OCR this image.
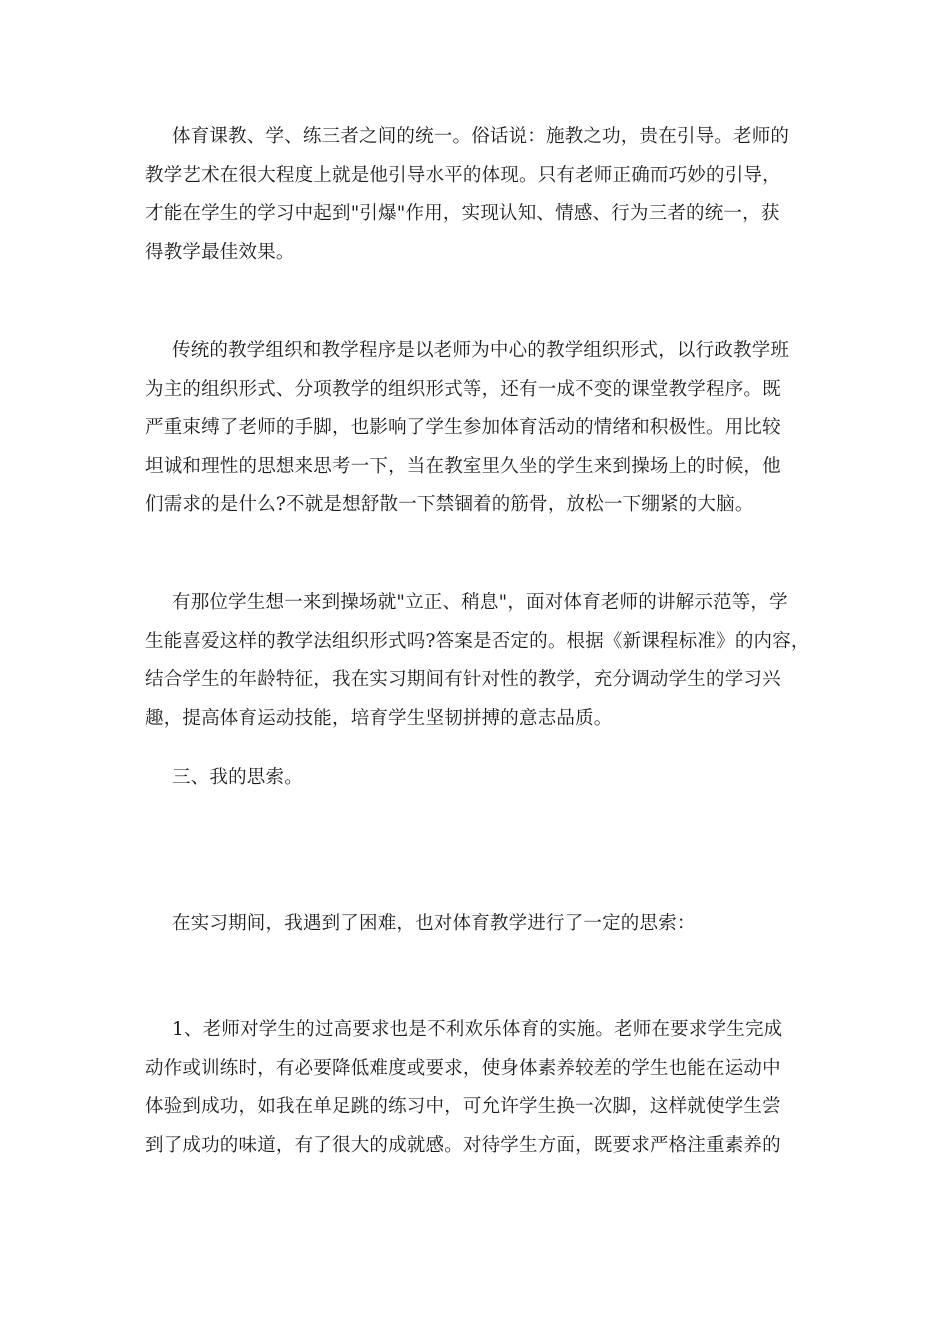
体育课教、学、练三者之间的统一。俗话说：施教之功，贵在引导。老师的
教学艺术在很大程度上就是他引导水平的体现。只有老师正确而巧妙的引导，
才能在学生的学习中起到"引爆"作用，实现认知、情感、行为三者的统一，获
得教学最佳效果。

传统的教学组织和教学程序是以老师为中心的教学组织形式，以行政教学班
为主的组织形式、分项教学的组织形式等，还有一成不变的课堂教学程序。既
严重束缚了老师的手脚，也影响了学生参加体育活动的情绪和积极性。用比较
坦诚和理性的思想来思考一下，当在教室里久坐的学生来到操场上的时候，他
们需求的是什么?不就是想舒散一下禁锢着的筋骨，放松一下绷紧的大脑。

有那位学生想一来到操场就"立正、稍息"，面对体育老师的讲解示范等，学
生能喜爱这样的教学法组织形式吗?答案是否定的。根据《新课程标准》的内容，
结合学生的年龄特征，我在实习期间有针对性的教学，充分调动学生的学习兴
趣，提高体育运动技能，培育学生坚韧拼搏的意志品质。

三、我的思索。

在实习期间，我遇到了困难，也对体育教学进行了一定的思索：

1、老师对学生的过高要求也是不利欢乐体育的实施。老师在要求学生完成
动作或训练时，有必要降低难度或要求，使身体素养较差的学生也能在运动中
体验到成功，如我在单足跳的练习中，可允许学生换一次脚，这样就使学生尝
到了成功的味道，有了很大的成就感。对待学生方面，既要求严格注重素养的
